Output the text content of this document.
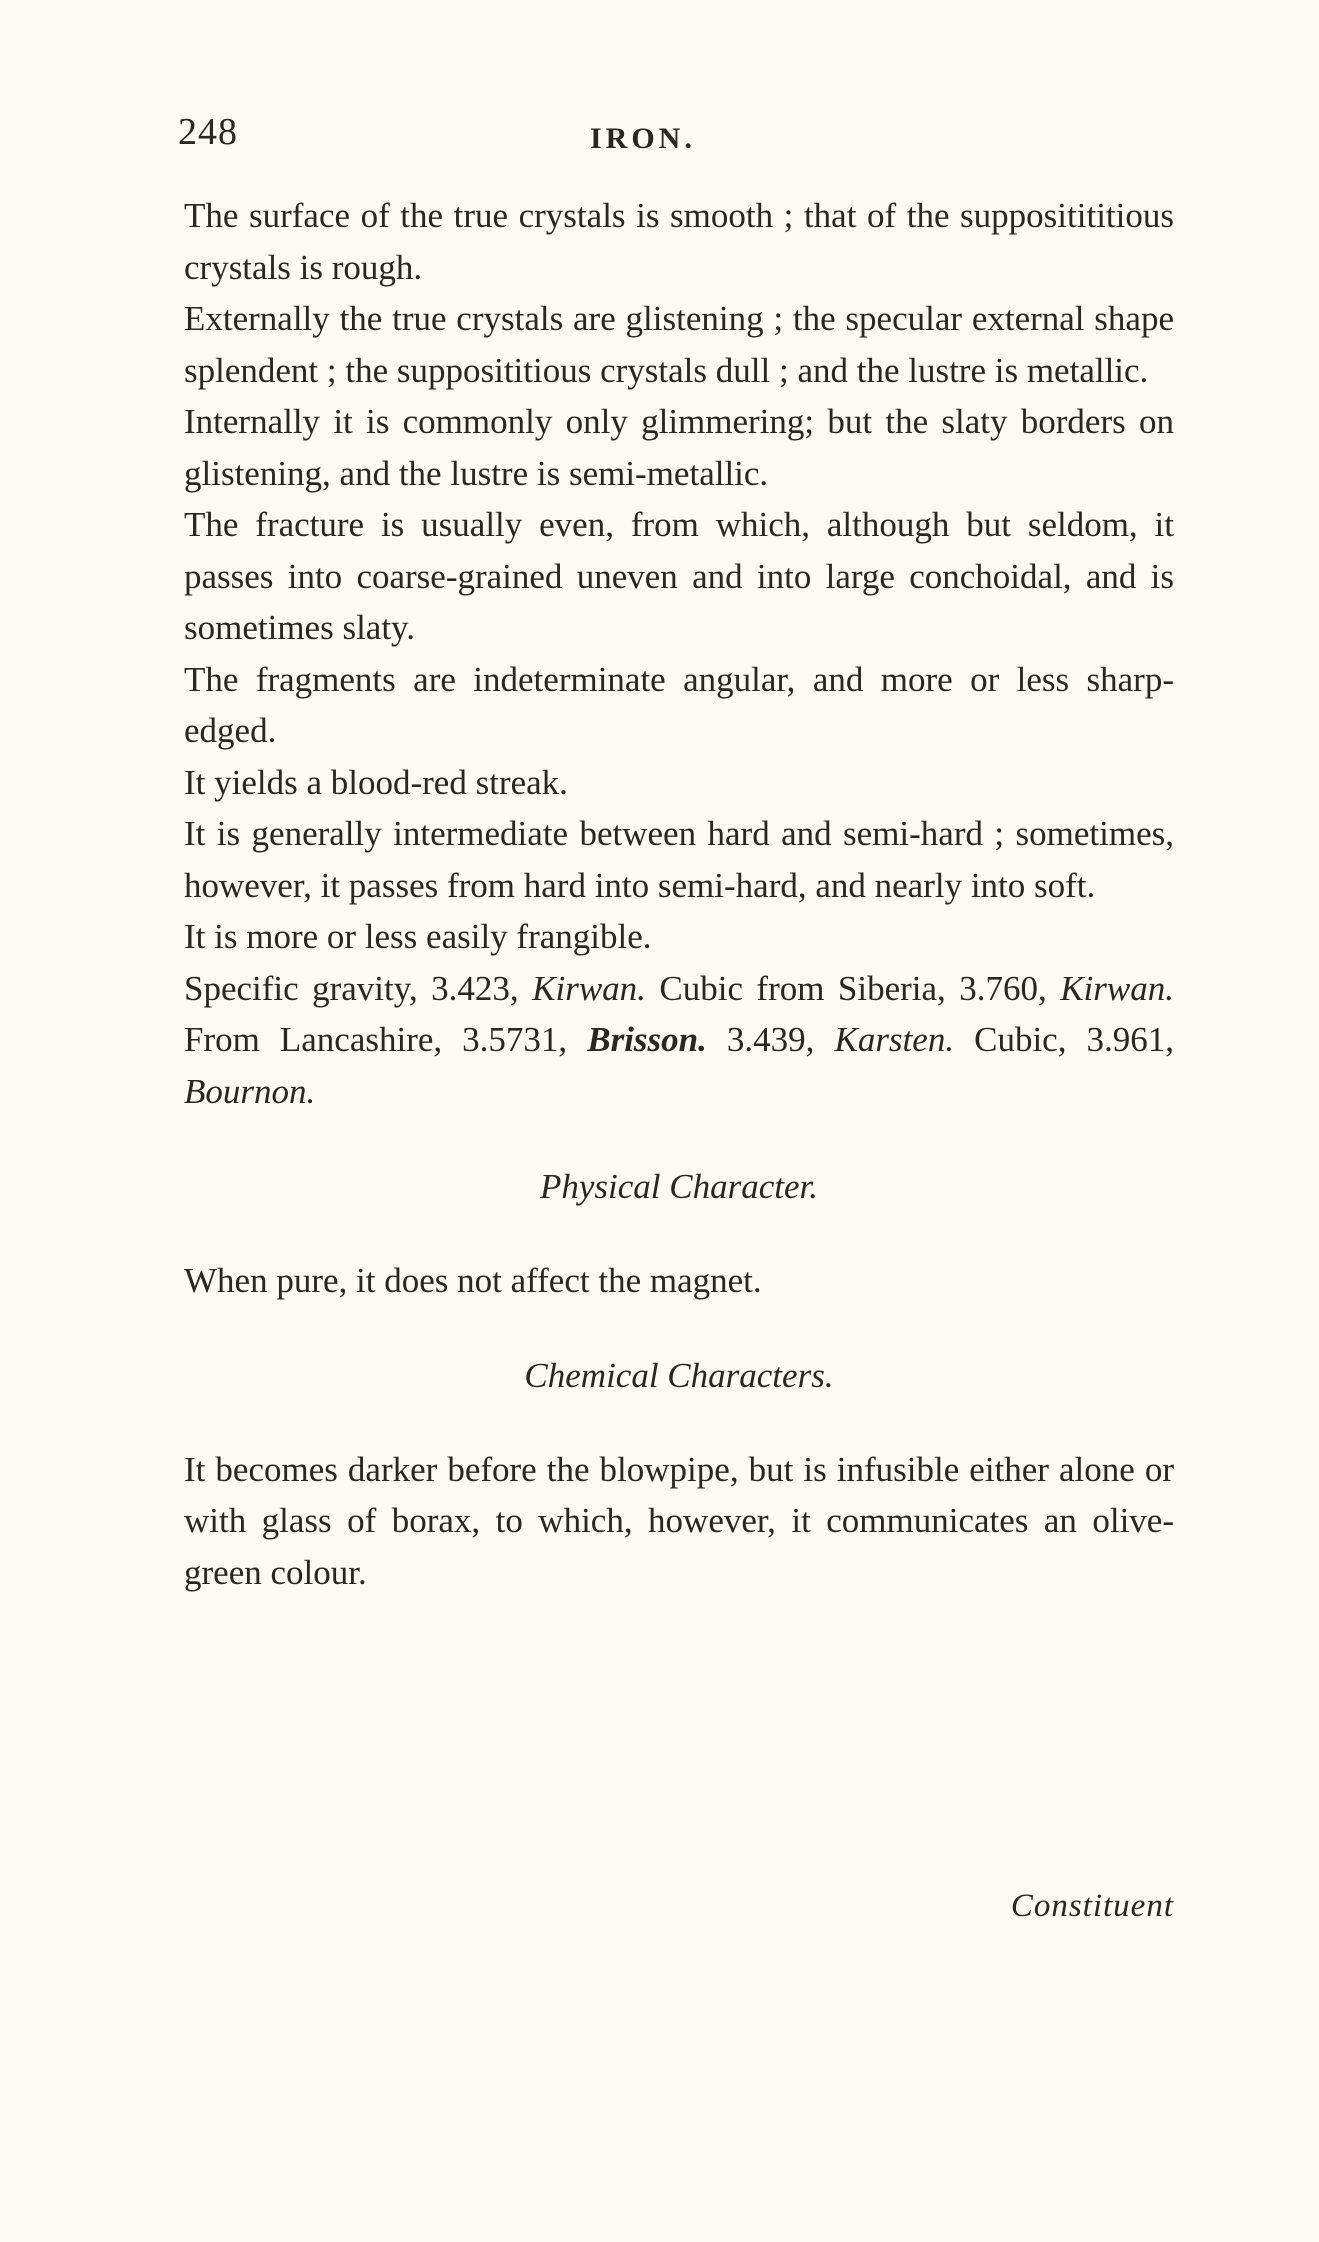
248	IRON.

The surface of the true crystals is smooth ; that of the suppositititious crystals is rough.

Externally the true crystals are glistening ; the specular external shape splendent ; the supposititious crystals dull ; and the lustre is metallic.

Internally it is commonly only glimmering; but the slaty borders on glistening, and the lustre is semi-metallic.

The fracture is usually even, from which, although but seldom, it passes into coarse-grained uneven and into large conchoidal, and is sometimes slaty.

The fragments are indeterminate angular, and more or less sharp-edged.

It yields a blood-red streak.

It is generally intermediate between hard and semi-hard ; sometimes, however, it passes from hard into semi-hard, and nearly into soft.

It is more or less easily frangible.

Specific gravity, 3.423, Kirwan. Cubic from Siberia, 3.760, Kirwan. From Lancashire, 3.5731, Brisson. 3.439, Karsten. Cubic, 3.961, Bournon.

Physical Character.

When pure, it does not affect the magnet.

Chemical Characters.

It becomes darker before the blowpipe, but is infusible either alone or with glass of borax, to which, however, it communicates an olive-green colour.

Constituent
